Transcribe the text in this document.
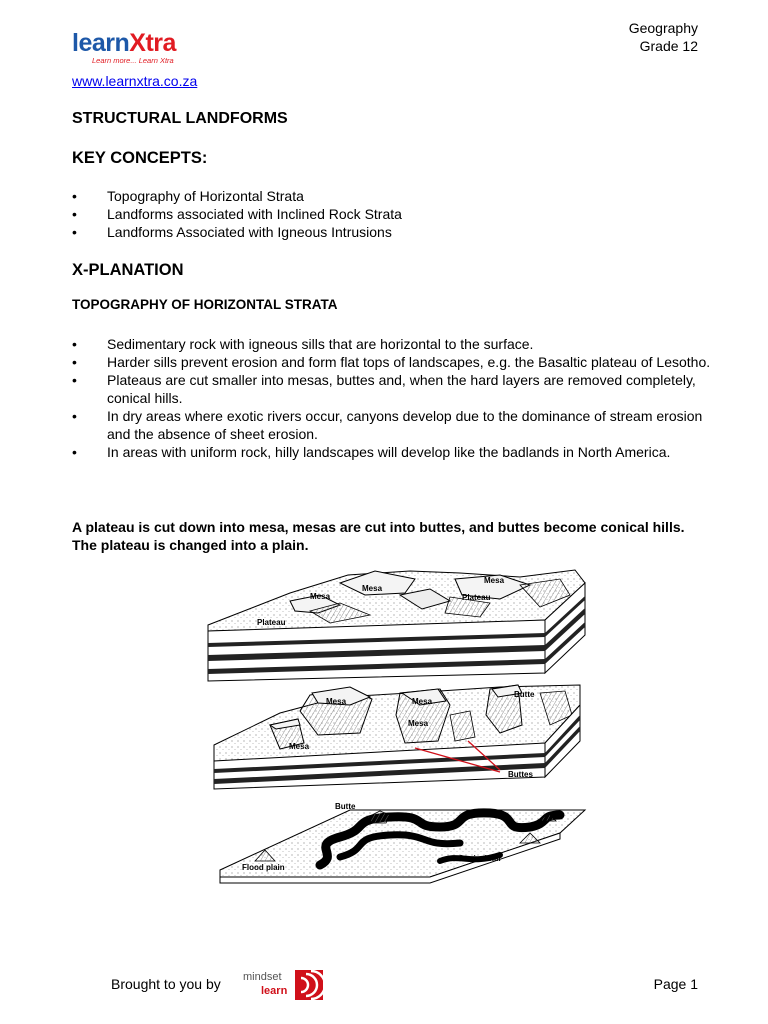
learnXtra
Learn more... Learn Xtra
Geography
Grade 12
www.learnxtra.co.za
STRUCTURAL LANDFORMS
KEY CONCEPTS:
• Topography of Horizontal Strata
• Landforms associated with Inclined Rock Strata
• Landforms Associated with Igneous Intrusions
X-PLANATION
TOPOGRAPHY OF HORIZONTAL STRATA
• Sedimentary rock with igneous sills that are horizontal to the surface.
• Harder sills prevent erosion and form flat tops of landscapes, e.g. the Basaltic plateau of Lesotho.
• Plateaus are cut smaller into mesas, buttes and, when the hard layers are removed completely, conical hills.
• In dry areas where exotic rivers occur, canyons develop due to the dominance of stream erosion and the absence of sheet erosion.
• In areas with uniform rock, hilly landscapes will develop like the badlands in North America.
A plateau is cut down into mesa, mesas are cut into buttes, and buttes become conical hills. The plateau is changed into a plain.
Mesa
Mesa
Mesa
Plateau
Plateau
Mesa	Mesa
Mesa
Mesa
Butte
Buttes
Butte
Conical hill
Flood plain
Brought to you by mindset
learn	Page 1
